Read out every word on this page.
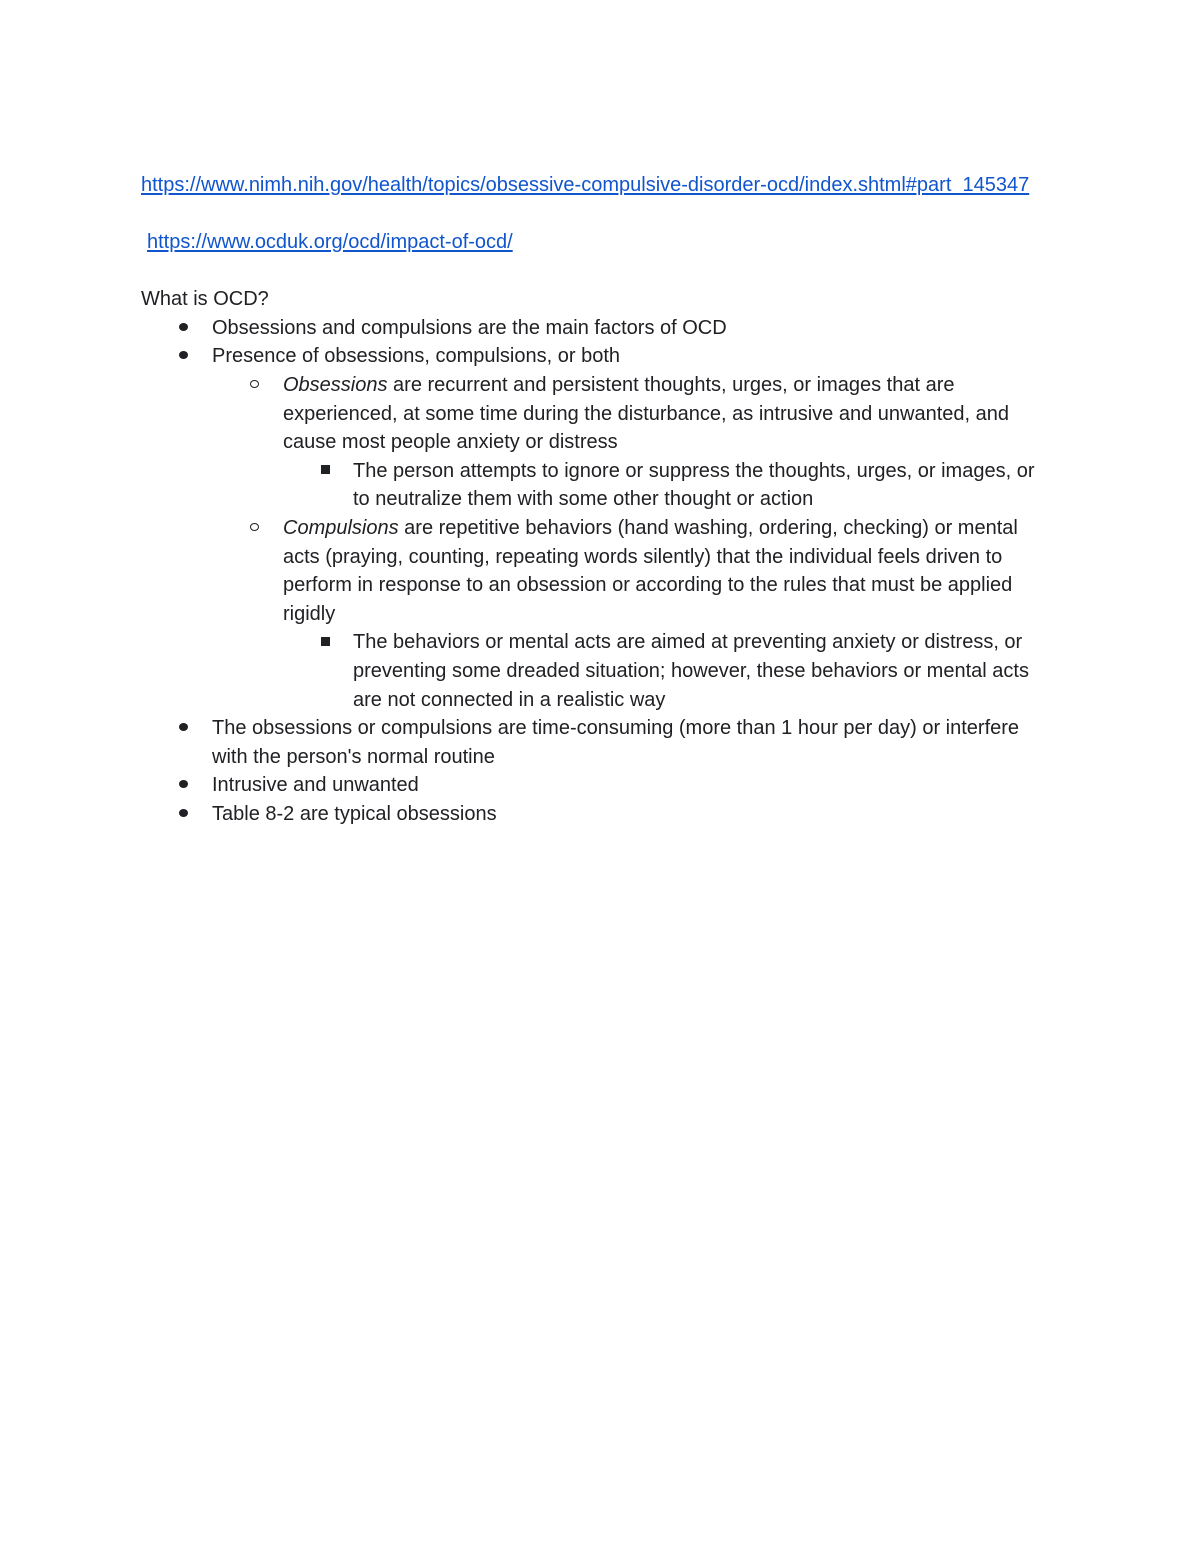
https://www.nimh.nih.gov/health/topics/obsessive-compulsive-disorder-ocd/index.shtml#part_145347
https://www.ocduk.org/ocd/impact-of-ocd/
What is OCD?
Obsessions and compulsions are the main factors of OCD
Presence of obsessions, compulsions, or both
Obsessions are recurrent and persistent thoughts, urges, or images that are experienced, at some time during the disturbance, as intrusive and unwanted, and cause most people anxiety or distress
The person attempts to ignore or suppress the thoughts, urges, or images, or to neutralize them with some other thought or action
Compulsions are repetitive behaviors (hand washing, ordering, checking) or mental acts (praying, counting, repeating words silently) that the individual feels driven to perform in response to an obsession or according to the rules that must be applied rigidly
The behaviors or mental acts are aimed at preventing anxiety or distress, or preventing some dreaded situation; however, these behaviors or mental acts are not connected in a realistic way
The obsessions or compulsions are time-consuming (more than 1 hour per day) or interfere with the person's normal routine
Intrusive and unwanted
Table 8-2 are typical obsessions
